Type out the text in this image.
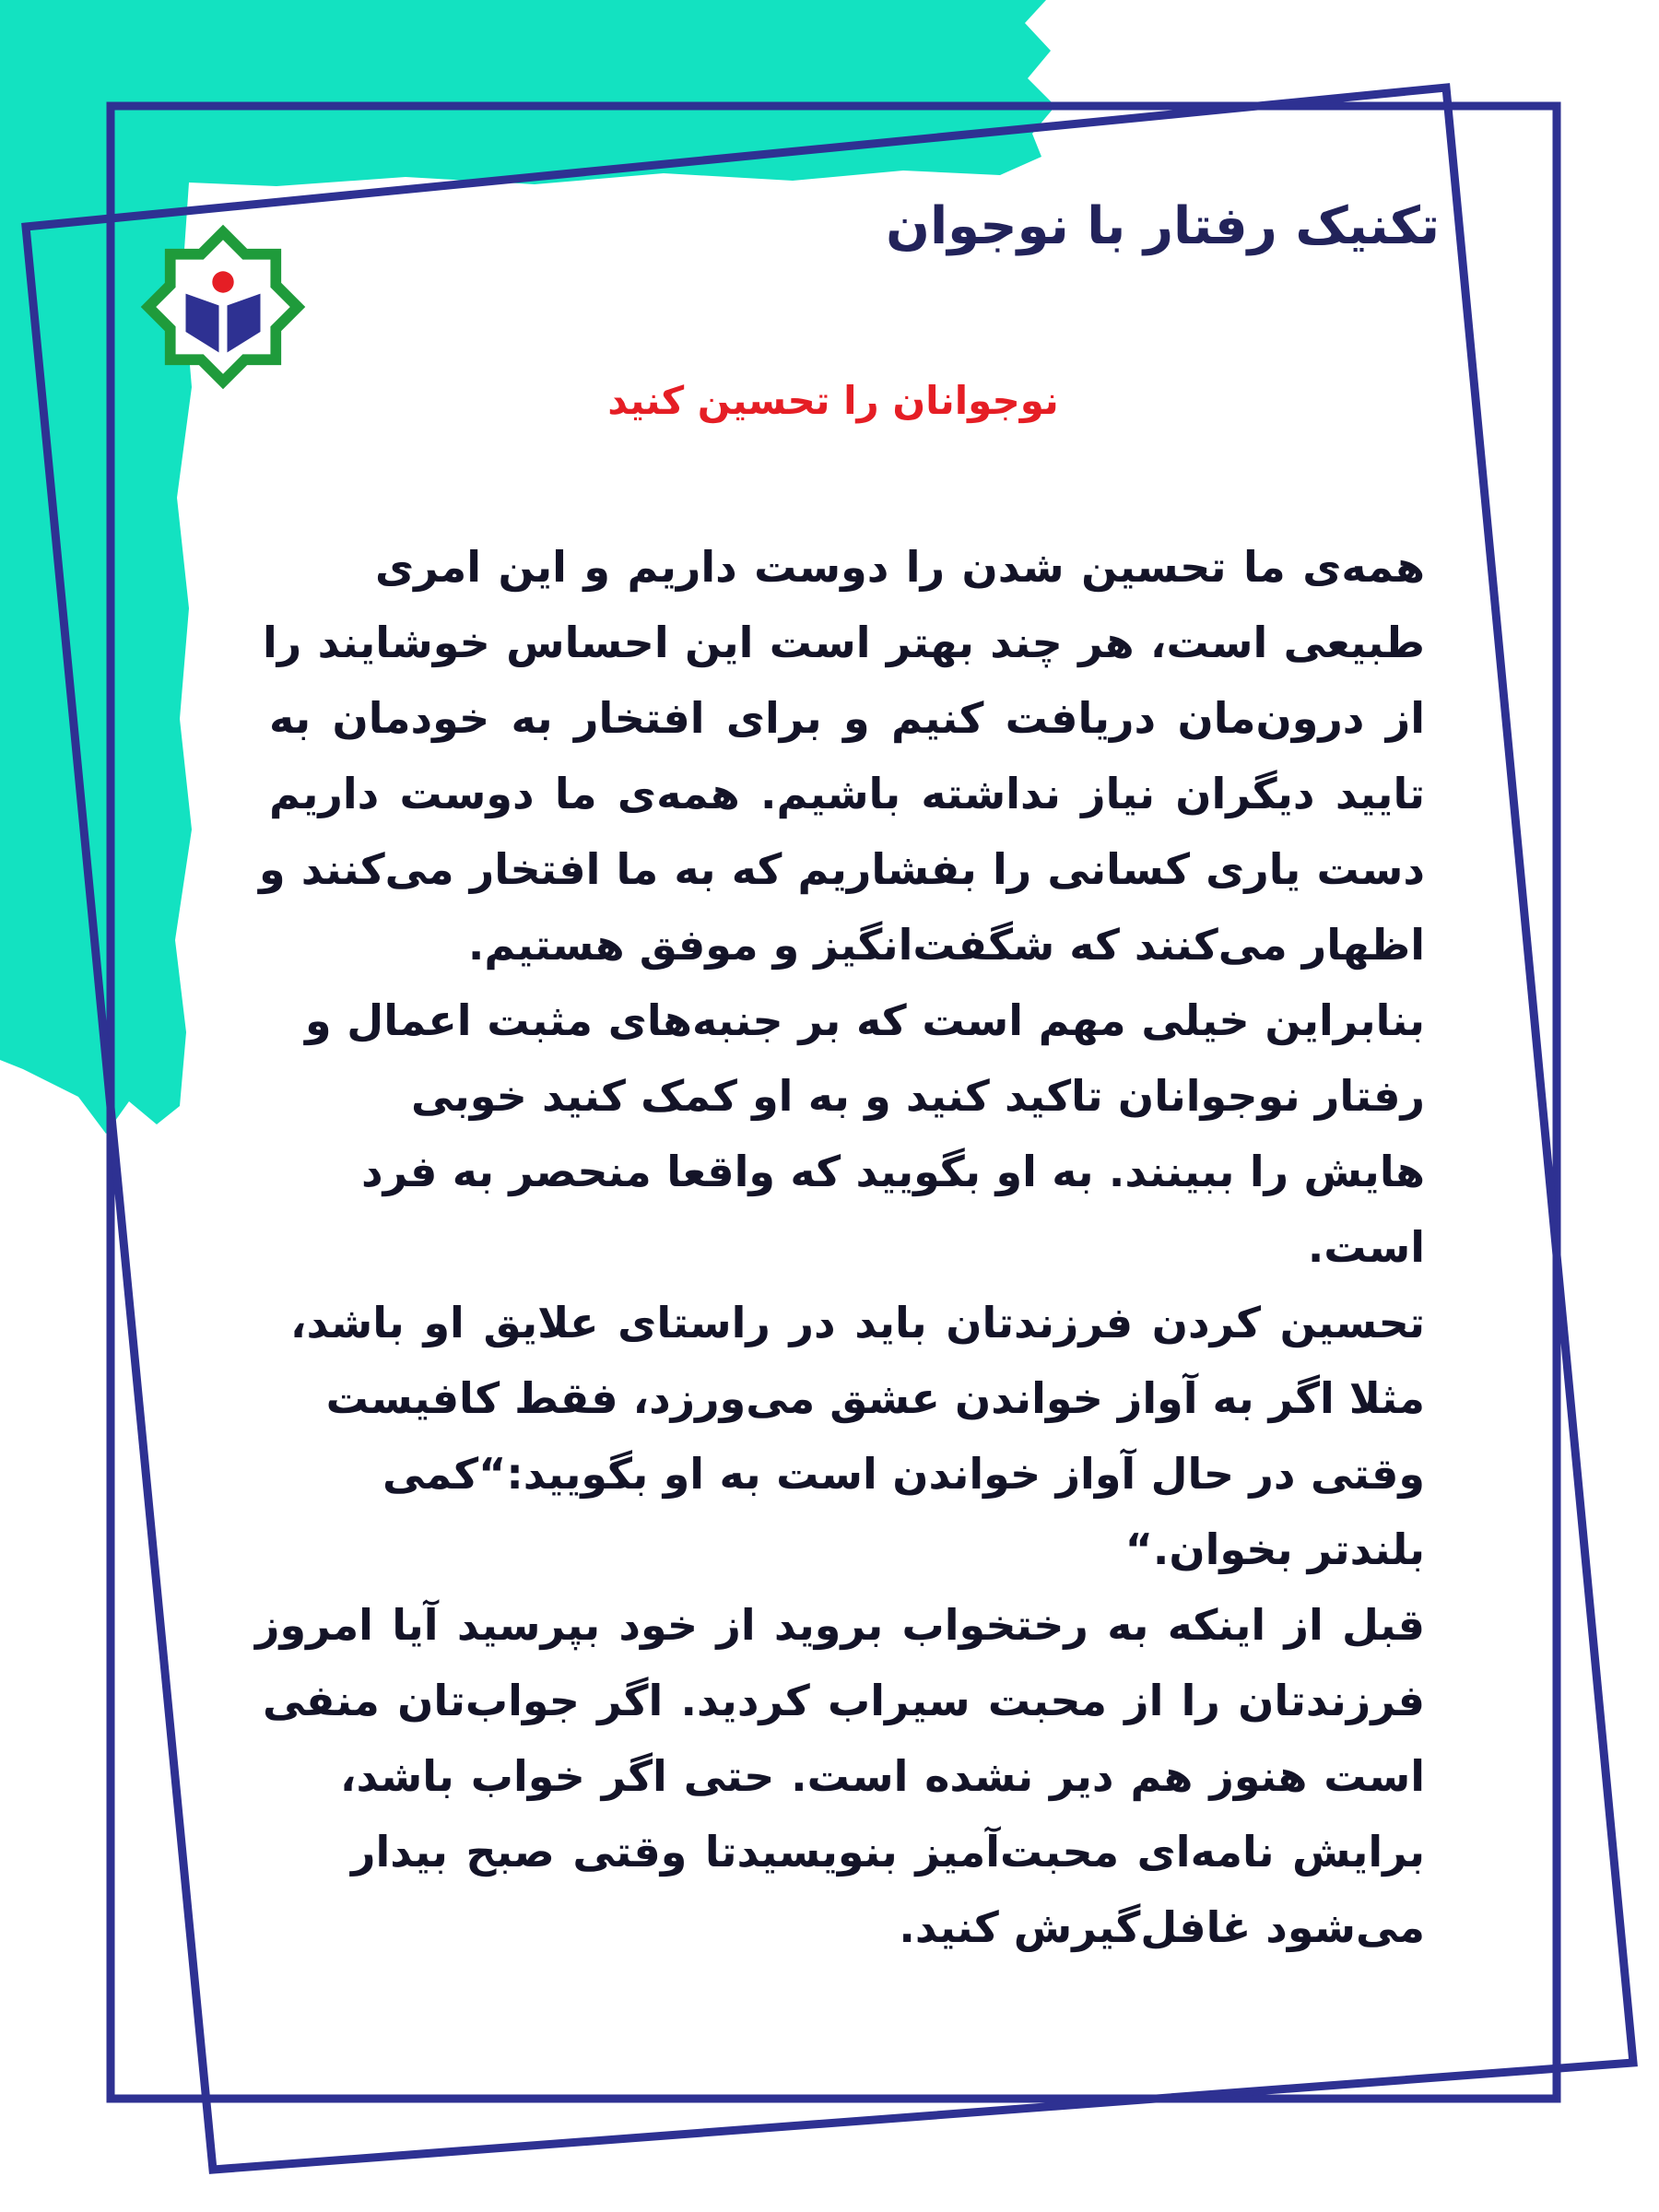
تکنیک رفتار با نوجوان
نوجوانان را تحسین کنید
همه‌ی ما تحسین شدن را دوست داریم و این امری
طبیعی است، هر چند بهتر است این احساس خوشایند را
از درون‌مان دریافت کنیم و برای افتخار به خودمان به
تایید دیگران نیاز نداشته باشیم. همه‌ی ما دوست داریم
دست یاری کسانی را بفشاریم که به ما افتخار می‌کنند و
اظهار می‌کنند که شگفت‌انگیز و موفق هستیم.
بنابراین خیلی مهم است که بر جنبه‌های مثبت اعمال و
رفتار نوجوانان تاکید کنید و به او کمک کنید خوبی
هایش را ببینند. به او بگویید که واقعا منحصر به فرد
است.
تحسین کردن فرزندتان باید در راستای علایق او باشد،
مثلا اگر به آواز خواندن عشق می‌ورزد، فقط کافیست
وقتی در حال آواز خواندن است به او بگویید:“کمی
بلندتر بخوان.“
قبل از اینکه به رختخواب بروید از خود بپرسید آیا امروز
فرزندتان را از محبت سیراب کردید. اگر جواب‌تان منفی
است هنوز هم دیر نشده است. حتی اگر خواب باشد،
برایش نامه‌ای محبت‌آمیز بنویسیدتا وقتی صبح بیدار
می‌شود غافل‌گیرش کنید.
